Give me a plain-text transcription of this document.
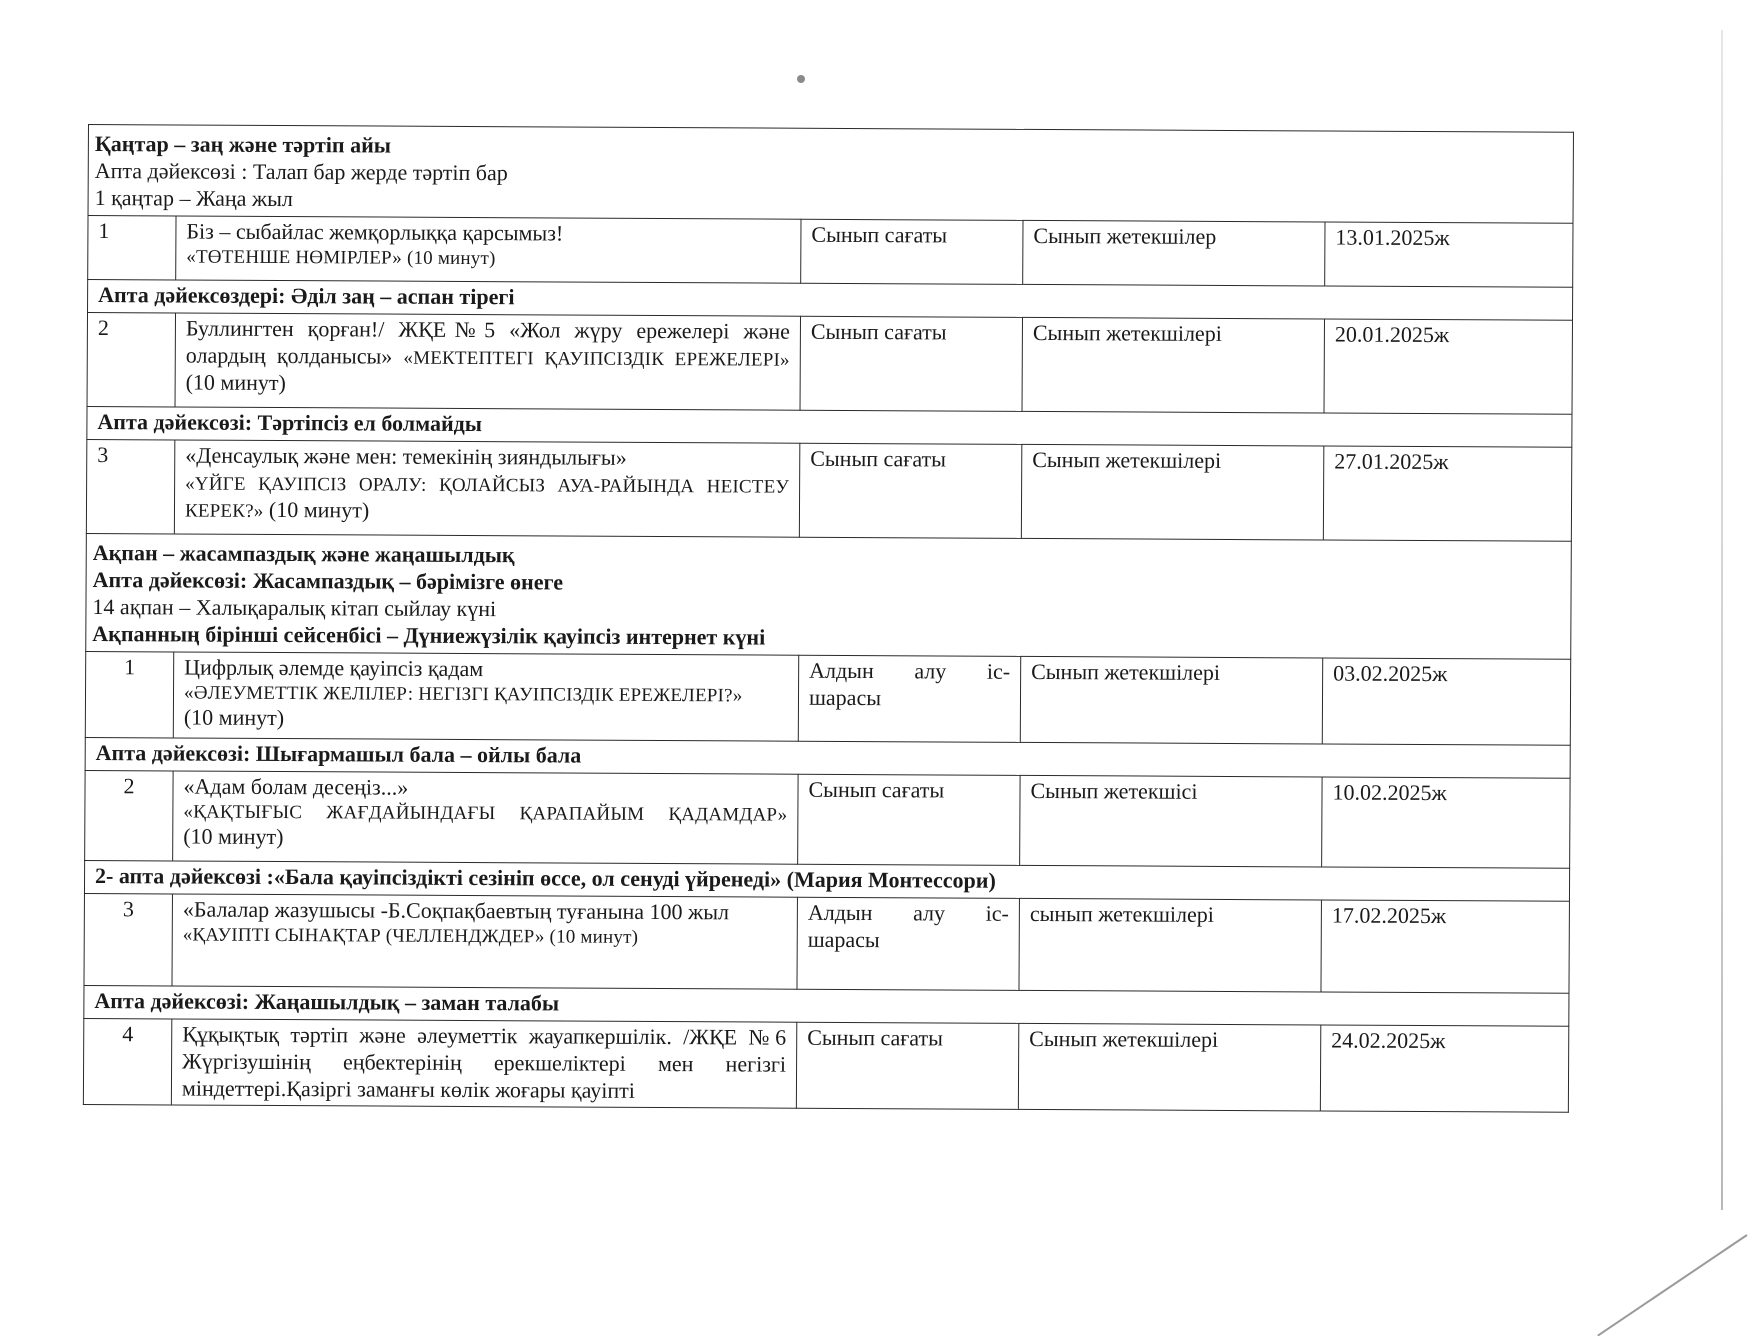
Қаңтар – заң және тәртіп айы
Апта дәйексөзі : Талап бар жерде тәртіп бар
1 қаңтар – Жаңа жыл				

1	Біз – сыбайлас жемқорлыққа қарсымыз!
«ТӨТЕНШЕ НӨМІРЛЕР» (10 минут)	Сынып сағаты	Сынып жетекшілер	13.01.2025ж
Апта дәйексөздері: Әділ заң – аспан тірегі				
2	Буллингтен қорған!/ ЖҚЕ№5 «Жол жүру ережелері және олардың қолданысы» «МЕКТЕПТЕГІ ҚАУІПСІЗДІК ЕРЕЖЕЛЕРІ» (10 минут)	Сынып сағаты	Сынып жетекшілері	20.01.2025ж
Апта дәйексөзі: Тәртіпсіз ел болмайды				
3	«Денсаулық және мен: темекінің зияндылығы»
«ҮЙГЕ ҚАУІПСІЗ ОРАЛУ: ҚОЛАЙСЫЗ АУА-РАЙЫНДА НЕІСТЕУ КЕРЕК?» (10 минут)	Сынып сағаты	Сынып жетекшілері	27.01.2025ж

Ақпан – жасампаздық және жаңашылдық
Апта дәйексөзі: Жасампаздық – бәрімізге өнеге
14 ақпан – Халықаралық кітап сыйлау күні
Ақпанның бірінші сейсенбісі – Дүниежүзілік қауіпсіз интернет күні				

1	Цифрлық әлемде қауіпсіз қадам
«ӘЛЕУМЕТТІК ЖЕЛІЛЕР: НЕГІЗГІ ҚАУІПСІЗДІК ЕРЕЖЕЛЕРІ?»
(10 минут)	Алдын алу іс-шарасы	Сынып жетекшілері	03.02.2025ж
Апта дәйексөзі: Шығармашыл бала – ойлы бала				
2	«Адам болам десеңіз...»
«ҚАҚТЫҒЫС ЖАҒДАЙЫНДАҒЫ ҚАРАПАЙЫМ ҚАДАМДАР»
(10 минут)	Сынып сағаты	Сынып жетекшісі	10.02.2025ж
2- апта дәйексөзі :«Бала қауіпсіздікті сезініп өссе, ол сенуді үйренеді» (Мария Монтессори)				
3	«Балалар жазушысы -Б.Соқпақбаевтың туғанына 100 жыл
«ҚАУІПТІ СЫНАҚТАР (ЧЕЛЛЕНДЖДЕР» (10 минут)	Алдын алу іс-шарасы	сынып жетекшілері	17.02.2025ж
Апта дәйексөзі: Жаңашылдық – заман талабы				
4	Құқықтық тәртіп және әлеуметтік жауапкершілік. /ЖҚЕ №6 Жүргізушінің еңбектерінің ерекшеліктері мен негізгі міндеттері.Қазіргі заманғы көлік жоғары қауіпті	Сынып сағаты	Сынып жетекшілері	24.02.2025ж
